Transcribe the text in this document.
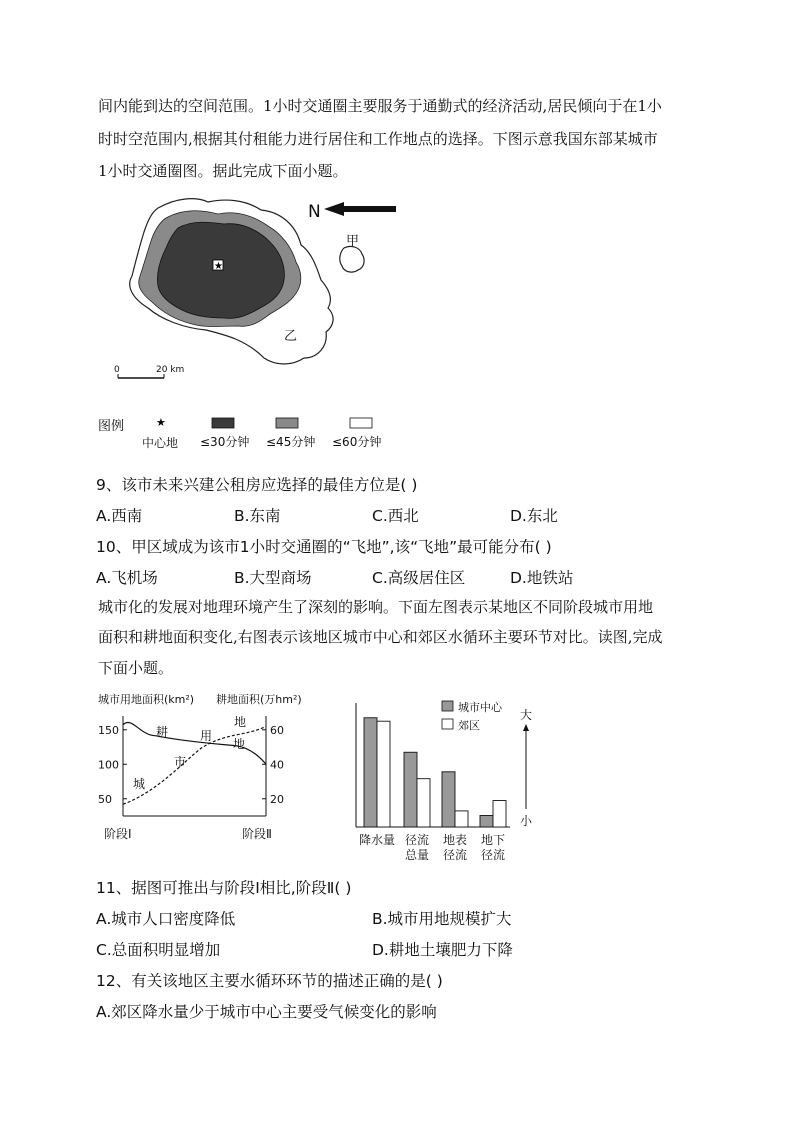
间内能到达的空间范围。1小时交通圈主要服务于通勤式的经济活动,居民倾向于在1小
时时空范围内,根据其付租能力进行居住和工作地点的选择。下图示意我国东部某城市
1小时交通圈图。据此完成下面小题。
★
甲
乙
N
0	20 km
图例	★
中心地 ≤30分钟 ≤45分钟 ≤60分钟
9、该市未来兴建公租房应选择的最佳方位是( )
A.西南	B.东南	C.西北	D.东北
10、甲区域成为该市1小时交通圈的“飞地”,该“飞地”最可能分布( )
A.飞机场	B.大型商场	C.高级居住区	D.地铁站
城市化的发展对地理环境产生了深刻的影响。下面左图表示某地区不同阶段城市用地
面积和耕地面积变化,右图表示该地区城市中心和郊区水循环主要环节对比。读图,完成
下面小题。
城市用地面积(km²) 耕地面积(万hm²)
150
100
50
60
40
20
耕
地
城
市
用
地
阶段Ⅰ	阶段Ⅱ
城市中心
郊区
大
小
降水量 径流
总量
地表
径流
地下
径流
11、据图可推出与阶段Ⅰ相比,阶段Ⅱ( )
A.城市人口密度降低	B.城市用地规模扩大
C.总面积明显增加	D.耕地土壤肥力下降
12、有关该地区主要水循环环节的描述正确的是( )
A.郊区降水量少于城市中心主要受气候变化的影响
